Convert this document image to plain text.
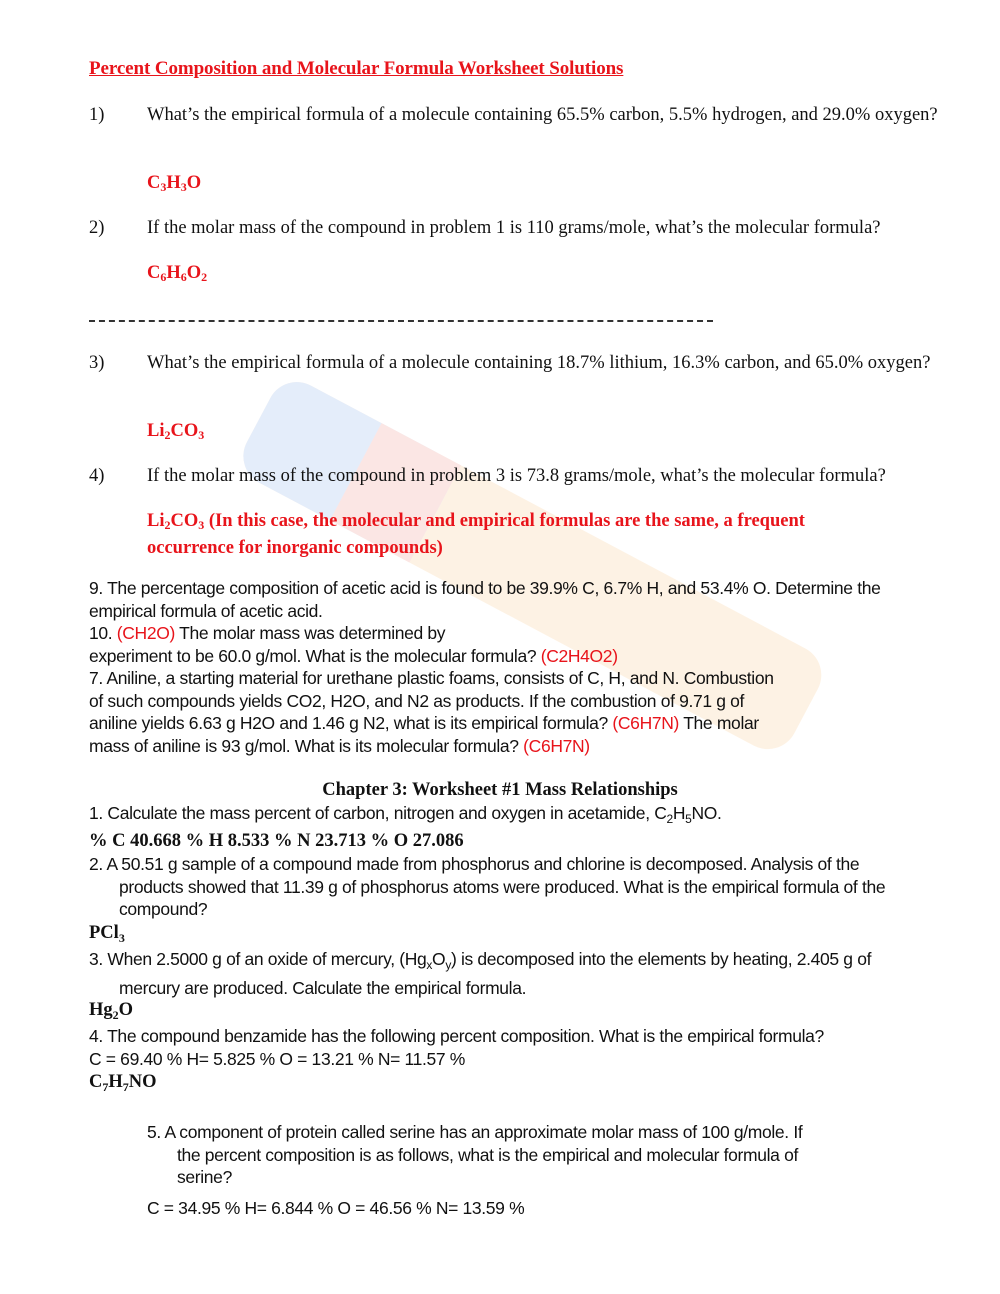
Percent Composition and Molecular Formula Worksheet Solutions
1)	What’s the empirical formula of a molecule containing 65.5% carbon, 5.5% hydrogen, and 29.0% oxygen?
$C_3H_3O$
2)	If the molar mass of the compound in problem 1 is 110 grams/mole, what’s the molecular formula?
$C_6H_6O_2$
3)	What’s the empirical formula of a molecule containing 18.7% lithium, 16.3% carbon, and 65.0% oxygen?
$Li_2CO_3$
4)	If the molar mass of the compound in problem 3 is 73.8 grams/mole, what’s the molecular formula?
$Li_2CO_3$ (In this case, the molecular and empirical formulas are the same, a frequent occurrence for inorganic compounds)
9. The percentage composition of acetic acid is found to be 39.9% C, 6.7% H, and 53.4% O. Determine the
empirical formula of acetic acid.
10. (CH2O) The molar mass was determined by
experiment to be 60.0 g/mol. What is the molecular formula? (C2H4O2)
7. Aniline, a starting material for urethane plastic foams, consists of C, H, and N. Combustion
of such compounds yields CO2, H2O, and N2 as products. If the combustion of 9.71 g of
aniline yields 6.63 g H2O and 1.46 g N2, what is its empirical formula? (C6H7N) The molar
mass of aniline is 93 g/mol. What is its molecular formula? (C6H7N)
Chapter 3: Worksheet #1 Mass Relationships
1. Calculate the mass percent of carbon, nitrogen and oxygen in acetamide, $C_2H_5NO$.
% C 40.668 % H 8.533 % N 23.713 % O 27.086
2. A 50.51 g sample of a compound made from phosphorus and chlorine is decomposed. Analysis of the
products showed that 11.39 g of phosphorus atoms were produced. What is the empirical formula of the
compound?
PCl$_3$
3. When 2.5000 g of an oxide of mercury, $(Hg_xO_y)$ is decomposed into the elements by heating, 2.405 g of
mercury are produced. Calculate the empirical formula.
$Hg_2O$
4. The compound benzamide has the following percent composition. What is the empirical formula?
C = 69.40 % H= 5.825 % O = 13.21 % N= 11.57 %
$C_7H_7NO$
5. A component of protein called serine has an approximate molar mass of 100 g/mole. If
the percent composition is as follows, what is the empirical and molecular formula of
serine?
C = 34.95 % H= 6.844 % O = 46.56 % N= 13.59 %
